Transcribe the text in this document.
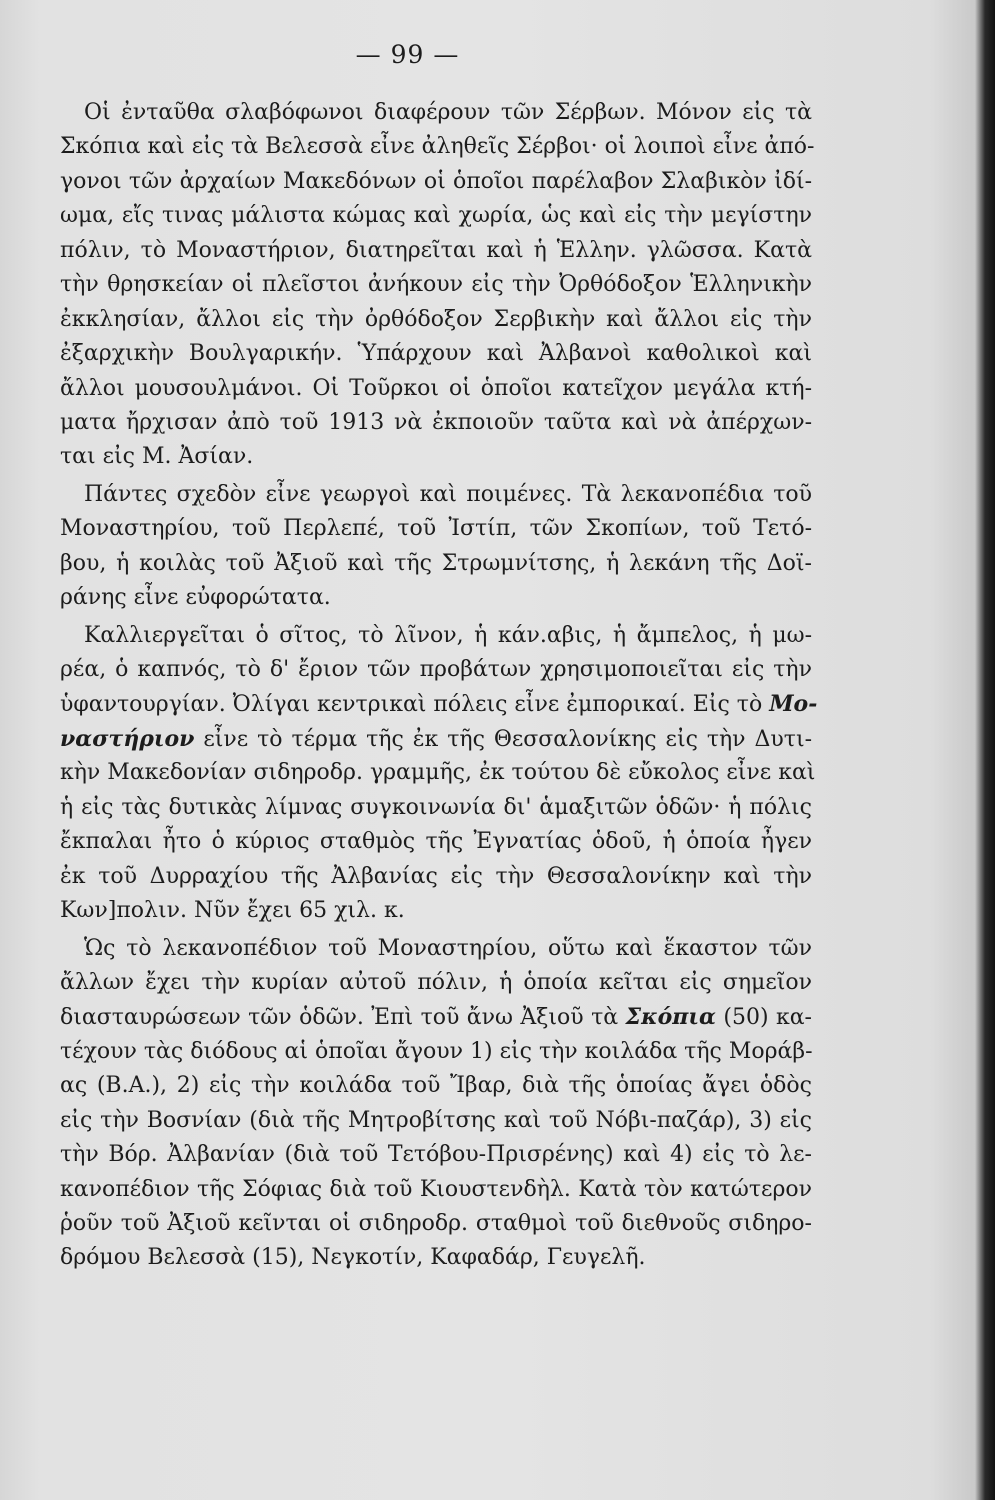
— 99 —
Οἱ ἐνταῦθα σλαβόφωνοι διαφέρουν τῶν Σέρβων. Μόνον εἰς τὰ
Σκόπια καὶ εἰς τὰ Βελεσσὰ εἶνε ἀληθεῖς Σέρβοι· οἱ λοιποὶ εἶνε ἀπό-
γονοι τῶν ἀρχαίων Μακεδόνων οἱ ὁποῖοι παρέλαβον Σλαβικὸν ἰδί-
ωμα, εἴς τινας μάλιστα κώμας καὶ χωρία, ὡς καὶ εἰς τὴν μεγίστην
πόλιν, τὸ Μοναστήριον, διατηρεῖται καὶ ἡ Ἑλλην. γλῶσσα. Κατὰ
τὴν θρησκείαν οἱ πλεῖστοι ἀνήκουν εἰς τὴν Ὀρθόδοξον Ἑλληνικὴν
ἐκκλησίαν, ἄλλοι εἰς τὴν ὀρθόδοξον Σερβικὴν καὶ ἄλλοι εἰς τὴν
ἐξαρχικὴν Βουλγαρικήν. Ὑπάρχουν καὶ Ἀλβανοὶ καθολικοὶ καὶ
ἄλλοι μουσουλμάνοι. Οἱ Τοῦρκοι οἱ ὁποῖοι κατεῖχον μεγάλα κτή-
ματα ἤρχισαν ἀπὸ τοῦ 1913 νὰ ἐκποιοῦν ταῦτα καὶ νὰ ἀπέρχων-
ται εἰς Μ. Ἀσίαν.
Πάντες σχεδὸν εἶνε γεωργοὶ καὶ ποιμένες. Τὰ λεκανοπέδια τοῦ
Μοναστηρίου, τοῦ Περλεπέ, τοῦ Ἰστίπ, τῶν Σκοπίων, τοῦ Τετό-
βου, ἡ κοιλὰς τοῦ Ἀξιοῦ καὶ τῆς Στρωμνίτσης, ἡ λεκάνη τῆς Δοϊ-
ράνης εἶνε εὐφορώτατα.
Καλλιεργεῖται ὁ σῖτος, τὸ λῖνον, ἡ κάν.αβις, ἡ ἄμπελος, ἡ μω-
ρέα, ὁ καπνός, τὸ δ' ἔριον τῶν προβάτων χρησιμοποιεῖται εἰς τὴν
ὑφαντουργίαν. Ὀλίγαι κεντρικαὶ πόλεις εἶνε ἐμπορικαί. Εἰς τὸ Μο-
ναστήριον εἶνε τὸ τέρμα τῆς ἐκ τῆς Θεσσαλονίκης εἰς τὴν Δυτι-
κὴν Μακεδονίαν σιδηροδρ. γραμμῆς, ἐκ τούτου δὲ εὔκολος εἶνε καὶ
ἡ εἰς τὰς δυτικὰς λίμνας συγκοινωνία δι' ἁμαξιτῶν ὁδῶν· ἡ πόλις
ἔκπαλαι ἦτο ὁ κύριος σταθμὸς τῆς Ἐγνατίας ὁδοῦ, ἡ ὁποία ἦγεν
ἐκ τοῦ Δυρραχίου τῆς Ἀλβανίας εἰς τὴν Θεσσαλονίκην καὶ τὴν
Κων]πολιν. Νῦν ἔχει 65 χιλ. κ.
Ὡς τὸ λεκανοπέδιον τοῦ Μοναστηρίου, οὕτω καὶ ἕκαστον τῶν
ἄλλων ἔχει τὴν κυρίαν αὐτοῦ πόλιν, ἡ ὁποία κεῖται εἰς σημεῖον
διασταυρώσεων τῶν ὁδῶν. Ἐπὶ τοῦ ἄνω Ἀξιοῦ τὰ Σκόπια (50) κα-
τέχουν τὰς διόδους αἱ ὁποῖαι ἄγουν 1) εἰς τὴν κοιλάδα τῆς Μοράβ-
ας (Β.Α.), 2) εἰς τὴν κοιλάδα τοῦ Ἴβαρ, διὰ τῆς ὁποίας ἄγει ὁδὸς
εἰς τὴν Βοσνίαν (διὰ τῆς Μητροβίτσης καὶ τοῦ Νόβι-παζάρ), 3) εἰς
τὴν Βόρ. Ἀλβανίαν (διὰ τοῦ Τετόβου-Πρισρένης) καὶ 4) εἰς τὸ λε-
κανοπέδιον τῆς Σόφιας διὰ τοῦ Κιουστενδὴλ. Κατὰ τὸν κατώτερον
ῥοῦν τοῦ Ἀξιοῦ κεῖνται οἱ σιδηροδρ. σταθμοὶ τοῦ διεθνοῦς σιδηρο-
δρόμου Βελεσσὰ (15), Νεγκοτίν, Καφαδάρ, Γευγελῆ.
